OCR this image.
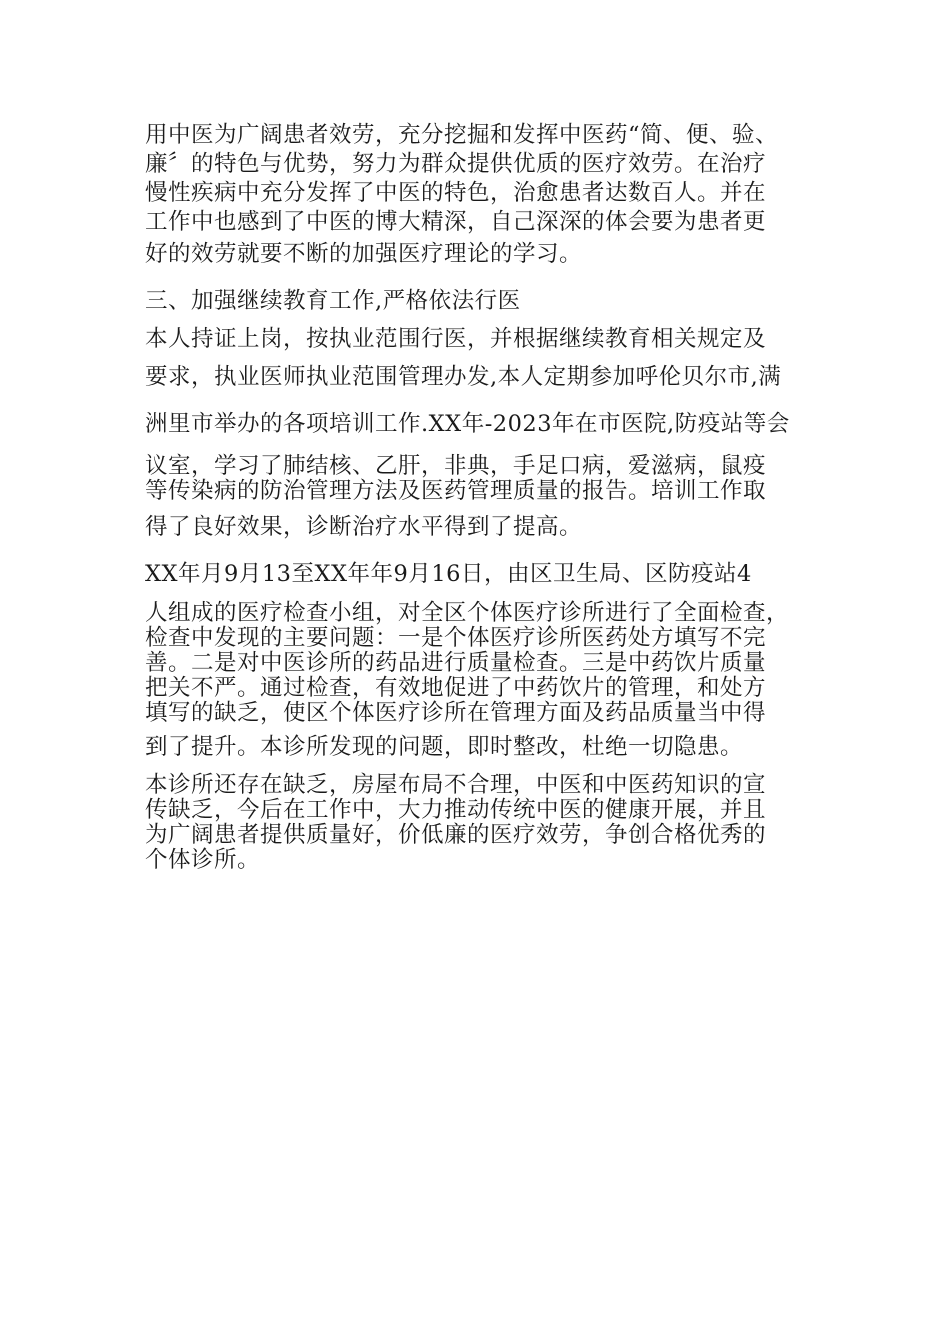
用中医为广阔患者效劳，充分挖掘和发挥中医药“简、便、验、
廉〞的特色与优势，努力为群众提供优质的医疗效劳。在治疗
慢性疾病中充分发挥了中医的特色，治愈患者达数百人。并在
工作中也感到了中医的博大精深，自己深深的体会要为患者更
好的效劳就要不断的加强医疗理论的学习。
三、加强继续教育工作,严格依法行医
本人持证上岗，按执业范围行医，并根据继续教育相关规定及
要求，执业医师执业范围管理办发,本人定期参加呼伦贝尔市,满
洲里市举办的各项培训工作.XX年-2023年在市医院,防疫站等会
议室，学习了肺结核、乙肝，非典，手足口病，爱滋病，鼠疫
等传染病的防治管理方法及医药管理质量的报告。培训工作取
得了良好效果，诊断治疗水平得到了提高。
XX年月9月13至XX年年9月16日，由区卫生局、区防疫站4
人组成的医疗检查小组，对全区个体医疗诊所进行了全面检查，
检查中发现的主要问题：一是个体医疗诊所医药处方填写不完
善。二是对中医诊所的药品进行质量检查。三是中药饮片质量
把关不严。通过检查，有效地促进了中药饮片的管理，和处方
填写的缺乏，使区个体医疗诊所在管理方面及药品质量当中得
到了提升。本诊所发现的问题，即时整改，杜绝一切隐患。
本诊所还存在缺乏，房屋布局不合理，中医和中医药知识的宣
传缺乏，今后在工作中，大力推动传统中医的健康开展，并且
为广阔患者提供质量好，价低廉的医疗效劳，争创合格优秀的
个体诊所。
